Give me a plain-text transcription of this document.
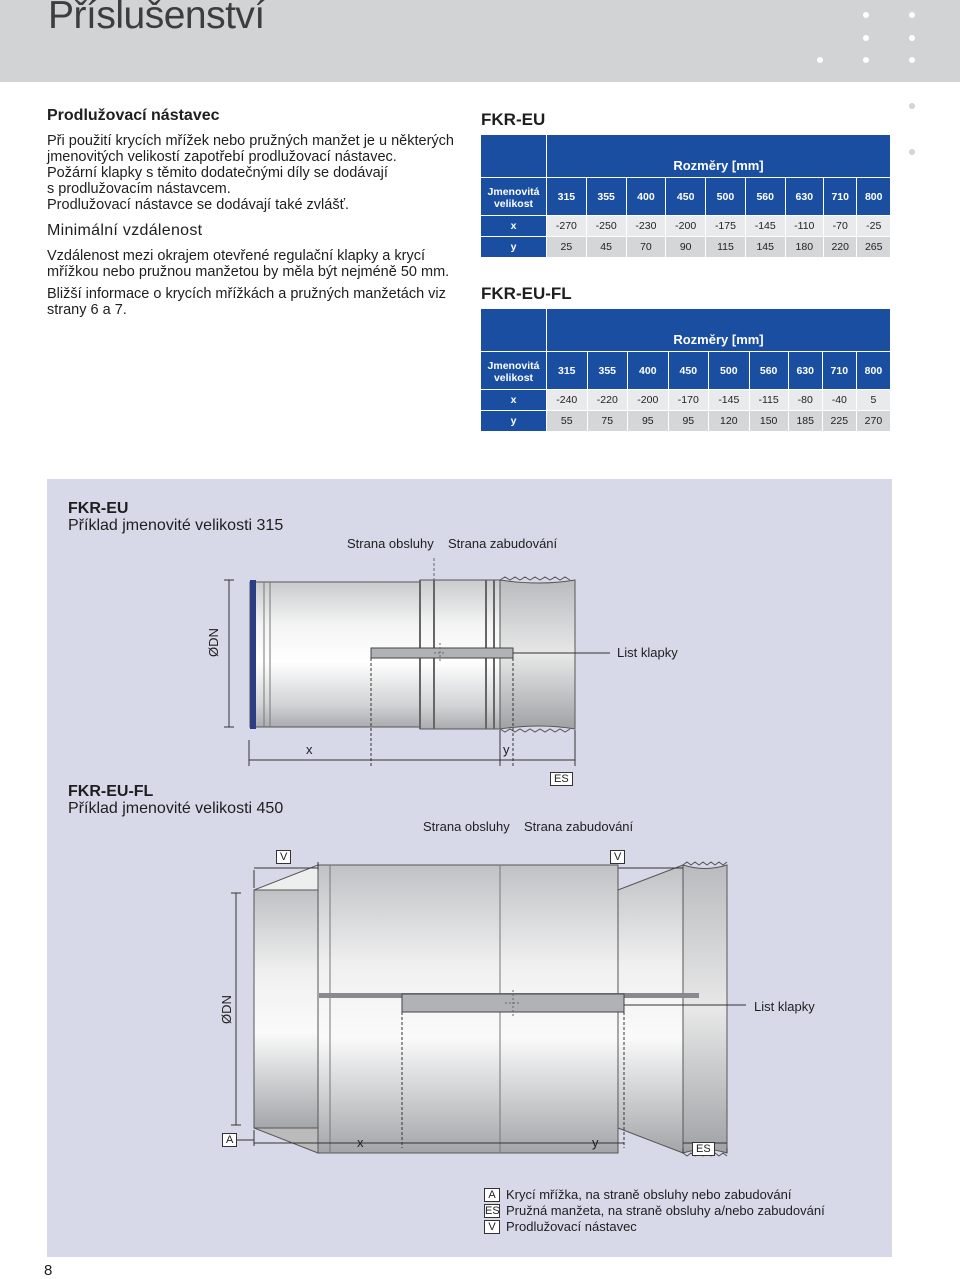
Příslušenství
Prodlužovací nástavec

Při použití krycích mřížek nebo pružných manžet je u některých
jmenovitých velikostí zapotřebí prodlužovací nástavec.
Požární klapky s těmito dodatečnými díly se dodávají
s prodlužovacím nástavcem.
Prodlužovací nástavce se dodávají také zvlášť.

Minimální vzdálenost

Vzdálenost mezi okrajem otevřené regulační klapky a krycí
mřížkou nebo pružnou manžetou by měla být nejméně 50 mm.

Bližší informace o krycích mřížkách a pružných manžetách viz
strany 6 a 7.

FKR-EU
	Rozměry [mm]								
Jmenovitá velikost	315	355	400	450	500	560	630	710	800
x	-270	-250	-230	-200	-175	-145	-110	-70	-25
y	25	45	70	90	115	145	180	220	265
FKR-EU-FL
	Rozměry [mm]								
Jmenovitá velikost	315	355	400	450	500	560	630	710	800
x	-240	-220	-200	-170	-145	-115	-80	-40	5
y	55	75	95	95	120	150	185	225	270
FKR-EU
Příklad jmenovité velikosti 315
Strana obsluhy Strana zabudování
ØDN	List klapky
x	y
ES
FKR-EU-FL
Příklad jmenovité velikosti 450
Strana obsluhy Strana zabudování
V	V
ØDN	List klapky
A	x	y	ES
A Krycí mřížka, na straně obsluhy nebo zabudování
ES Pružná manžeta, na straně obsluhy a/nebo zabudování
V Prodlužovací nástavec
8
